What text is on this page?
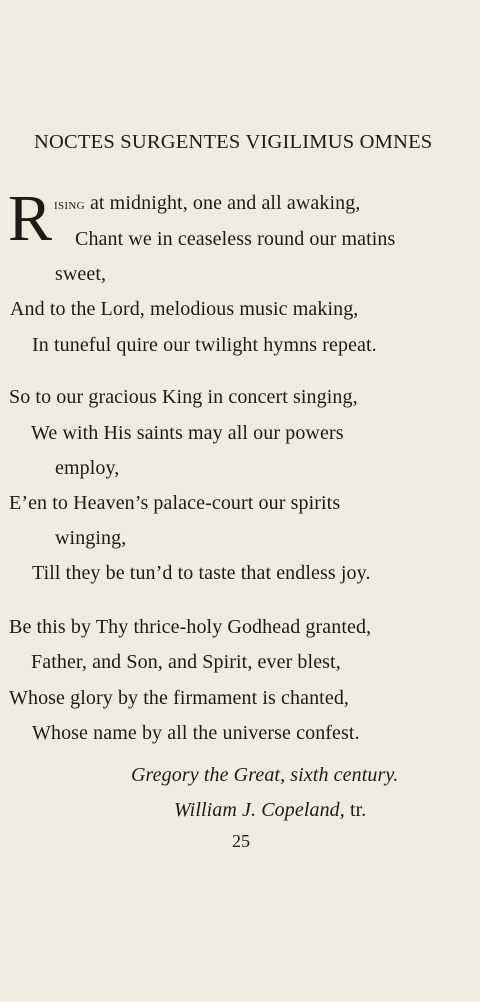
NOCTES SURGENTES VIGILIMUS OMNES
R ising at midnight, one and all awaking,
Chant we in ceaseless round our matins
sweet,
And to the Lord, melodious music making,
In tuneful quire our twilight hymns repeat.
So to our gracious King in concert singing,
We with His saints may all our powers
employ,
E’en to Heaven’s palace-court our spirits
winging,
Till they be tun’d to taste that endless joy.
Be this by Thy thrice-holy Godhead granted,
Father, and Son, and Spirit, ever blest,
Whose glory by the firmament is chanted,
Whose name by all the universe confest.
Gregory the Great, sixth century.
William J. Copeland, tr.
25
